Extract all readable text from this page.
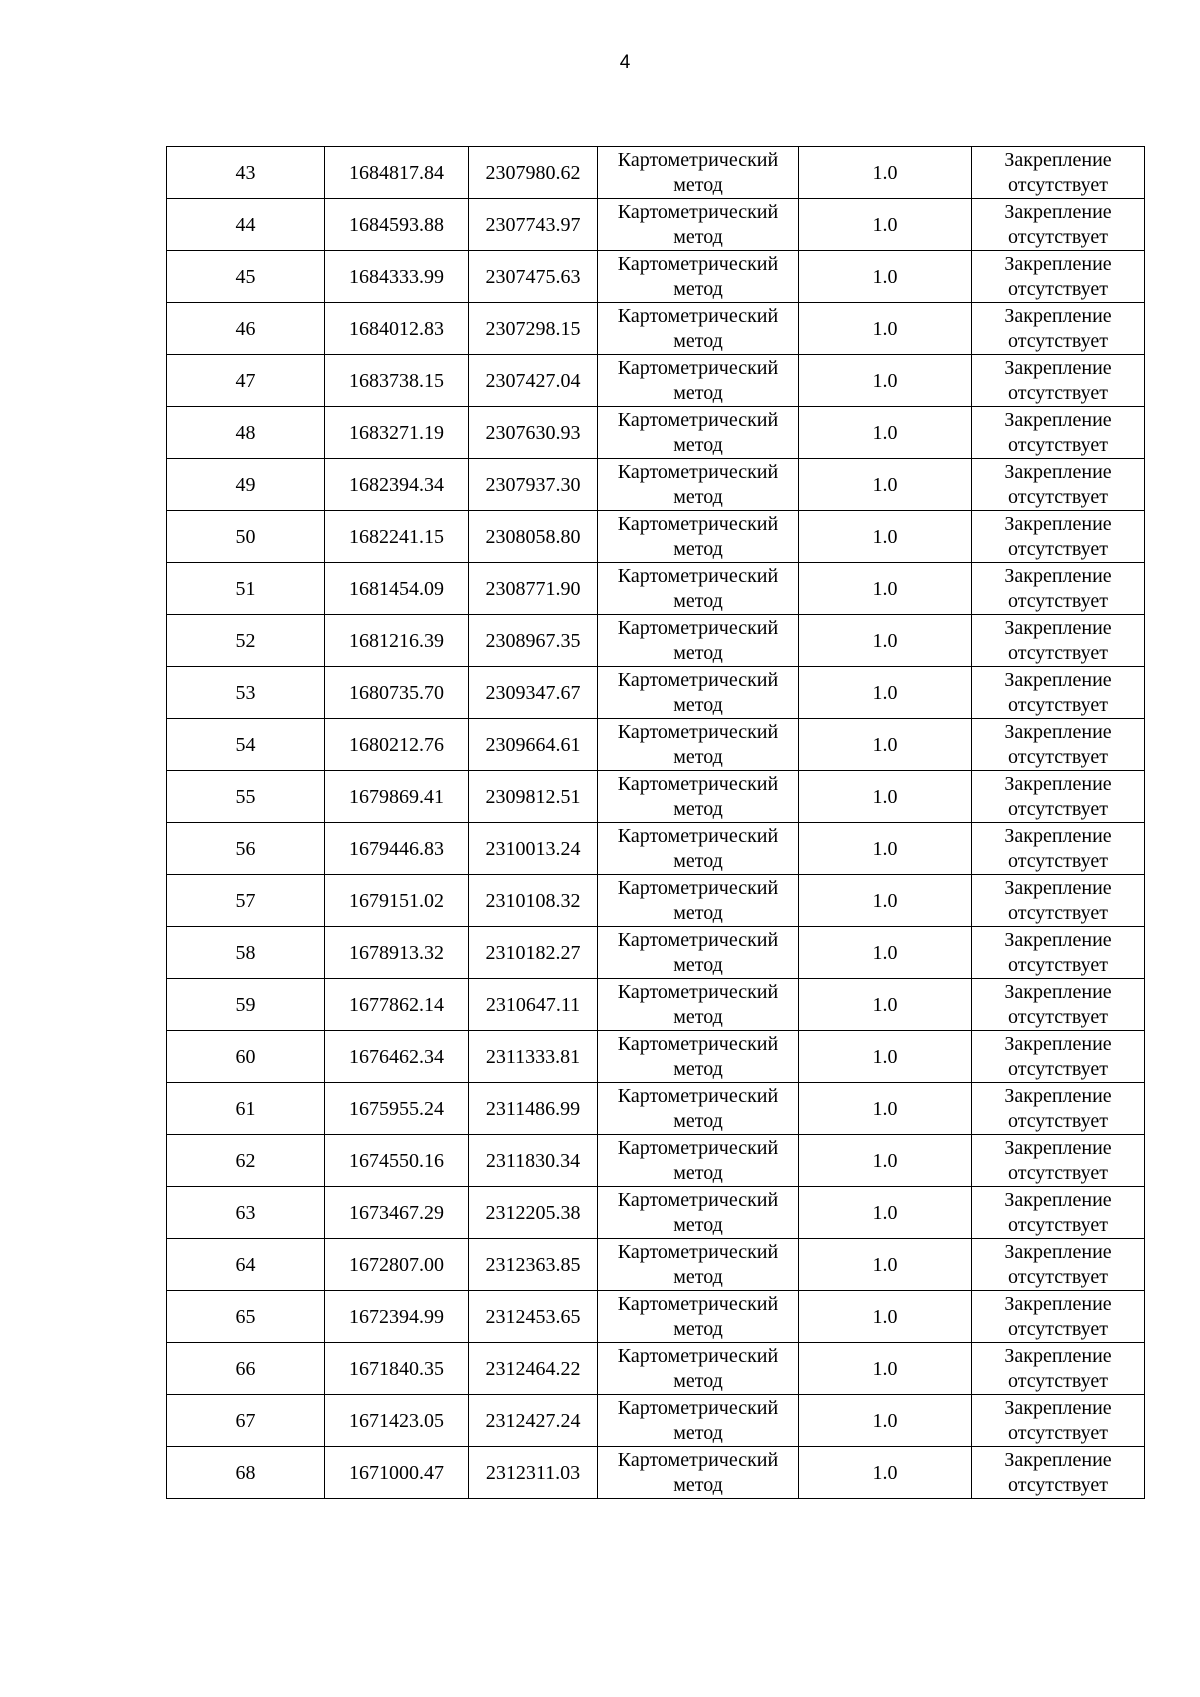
4
43	1684817.84	2307980.62	Картометрический метод	1.0	Закрепление отсутствует
44	1684593.88	2307743.97	Картометрический метод	1.0	Закрепление отсутствует
45	1684333.99	2307475.63	Картометрический метод	1.0	Закрепление отсутствует
46	1684012.83	2307298.15	Картометрический метод	1.0	Закрепление отсутствует
47	1683738.15	2307427.04	Картометрический метод	1.0	Закрепление отсутствует
48	1683271.19	2307630.93	Картометрический метод	1.0	Закрепление отсутствует
49	1682394.34	2307937.30	Картометрический метод	1.0	Закрепление отсутствует
50	1682241.15	2308058.80	Картометрический метод	1.0	Закрепление отсутствует
51	1681454.09	2308771.90	Картометрический метод	1.0	Закрепление отсутствует
52	1681216.39	2308967.35	Картометрический метод	1.0	Закрепление отсутствует
53	1680735.70	2309347.67	Картометрический метод	1.0	Закрепление отсутствует
54	1680212.76	2309664.61	Картометрический метод	1.0	Закрепление отсутствует
55	1679869.41	2309812.51	Картометрический метод	1.0	Закрепление отсутствует
56	1679446.83	2310013.24	Картометрический метод	1.0	Закрепление отсутствует
57	1679151.02	2310108.32	Картометрический метод	1.0	Закрепление отсутствует
58	1678913.32	2310182.27	Картометрический метод	1.0	Закрепление отсутствует
59	1677862.14	2310647.11	Картометрический метод	1.0	Закрепление отсутствует
60	1676462.34	2311333.81	Картометрический метод	1.0	Закрепление отсутствует
61	1675955.24	2311486.99	Картометрический метод	1.0	Закрепление отсутствует
62	1674550.16	2311830.34	Картометрический метод	1.0	Закрепление отсутствует
63	1673467.29	2312205.38	Картометрический метод	1.0	Закрепление отсутствует
64	1672807.00	2312363.85	Картометрический метод	1.0	Закрепление отсутствует
65	1672394.99	2312453.65	Картометрический метод	1.0	Закрепление отсутствует
66	1671840.35	2312464.22	Картометрический метод	1.0	Закрепление отсутствует
67	1671423.05	2312427.24	Картометрический метод	1.0	Закрепление отсутствует
68	1671000.47	2312311.03	Картометрический метод	1.0	Закрепление отсутствует
